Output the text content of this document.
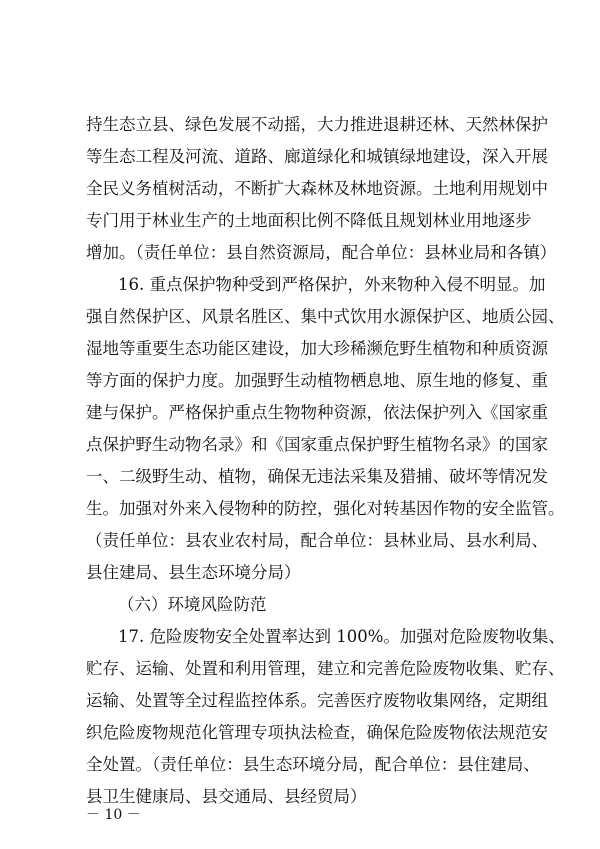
持生态立县、绿色发展不动摇，大力推进退耕还林、天然林保护
等生态工程及河流、道路、廊道绿化和城镇绿地建设，深入开展
全民义务植树活动，不断扩大森林及林地资源。土地利用规划中
专门用于林业生产的土地面积比例不降低且规划林业用地逐步
增加。（责任单位：县自然资源局，配合单位：县林业局和各镇）
16. 重点保护物种受到严格保护，外来物种入侵不明显。加
强自然保护区、风景名胜区、集中式饮用水源保护区、地质公园、
湿地等重要生态功能区建设，加大珍稀濒危野生植物和种质资源
等方面的保护力度。加强野生动植物栖息地、原生地的修复、重
建与保护。严格保护重点生物物种资源，依法保护列入《国家重
点保护野生动物名录》和《国家重点保护野生植物名录》的国家
一、二级野生动、植物，确保无违法采集及猎捕、破坏等情况发
生。加强对外来入侵物种的防控，强化对转基因作物的安全监管。
（责任单位：县农业农村局，配合单位：县林业局、县水利局、
县住建局、县生态环境分局）
（六）环境风险防范
17. 危险废物安全处置率达到 100%。加强对危险废物收集、
贮存、运输、处置和利用管理，建立和完善危险废物收集、贮存、
运输、处置等全过程监控体系。完善医疗废物收集网络，定期组
织危险废物规范化管理专项执法检查，确保危险废物依法规范安
全处置。（责任单位：县生态环境分局，配合单位：县住建局、
县卫生健康局、县交通局、县经贸局）
－ 10 －
